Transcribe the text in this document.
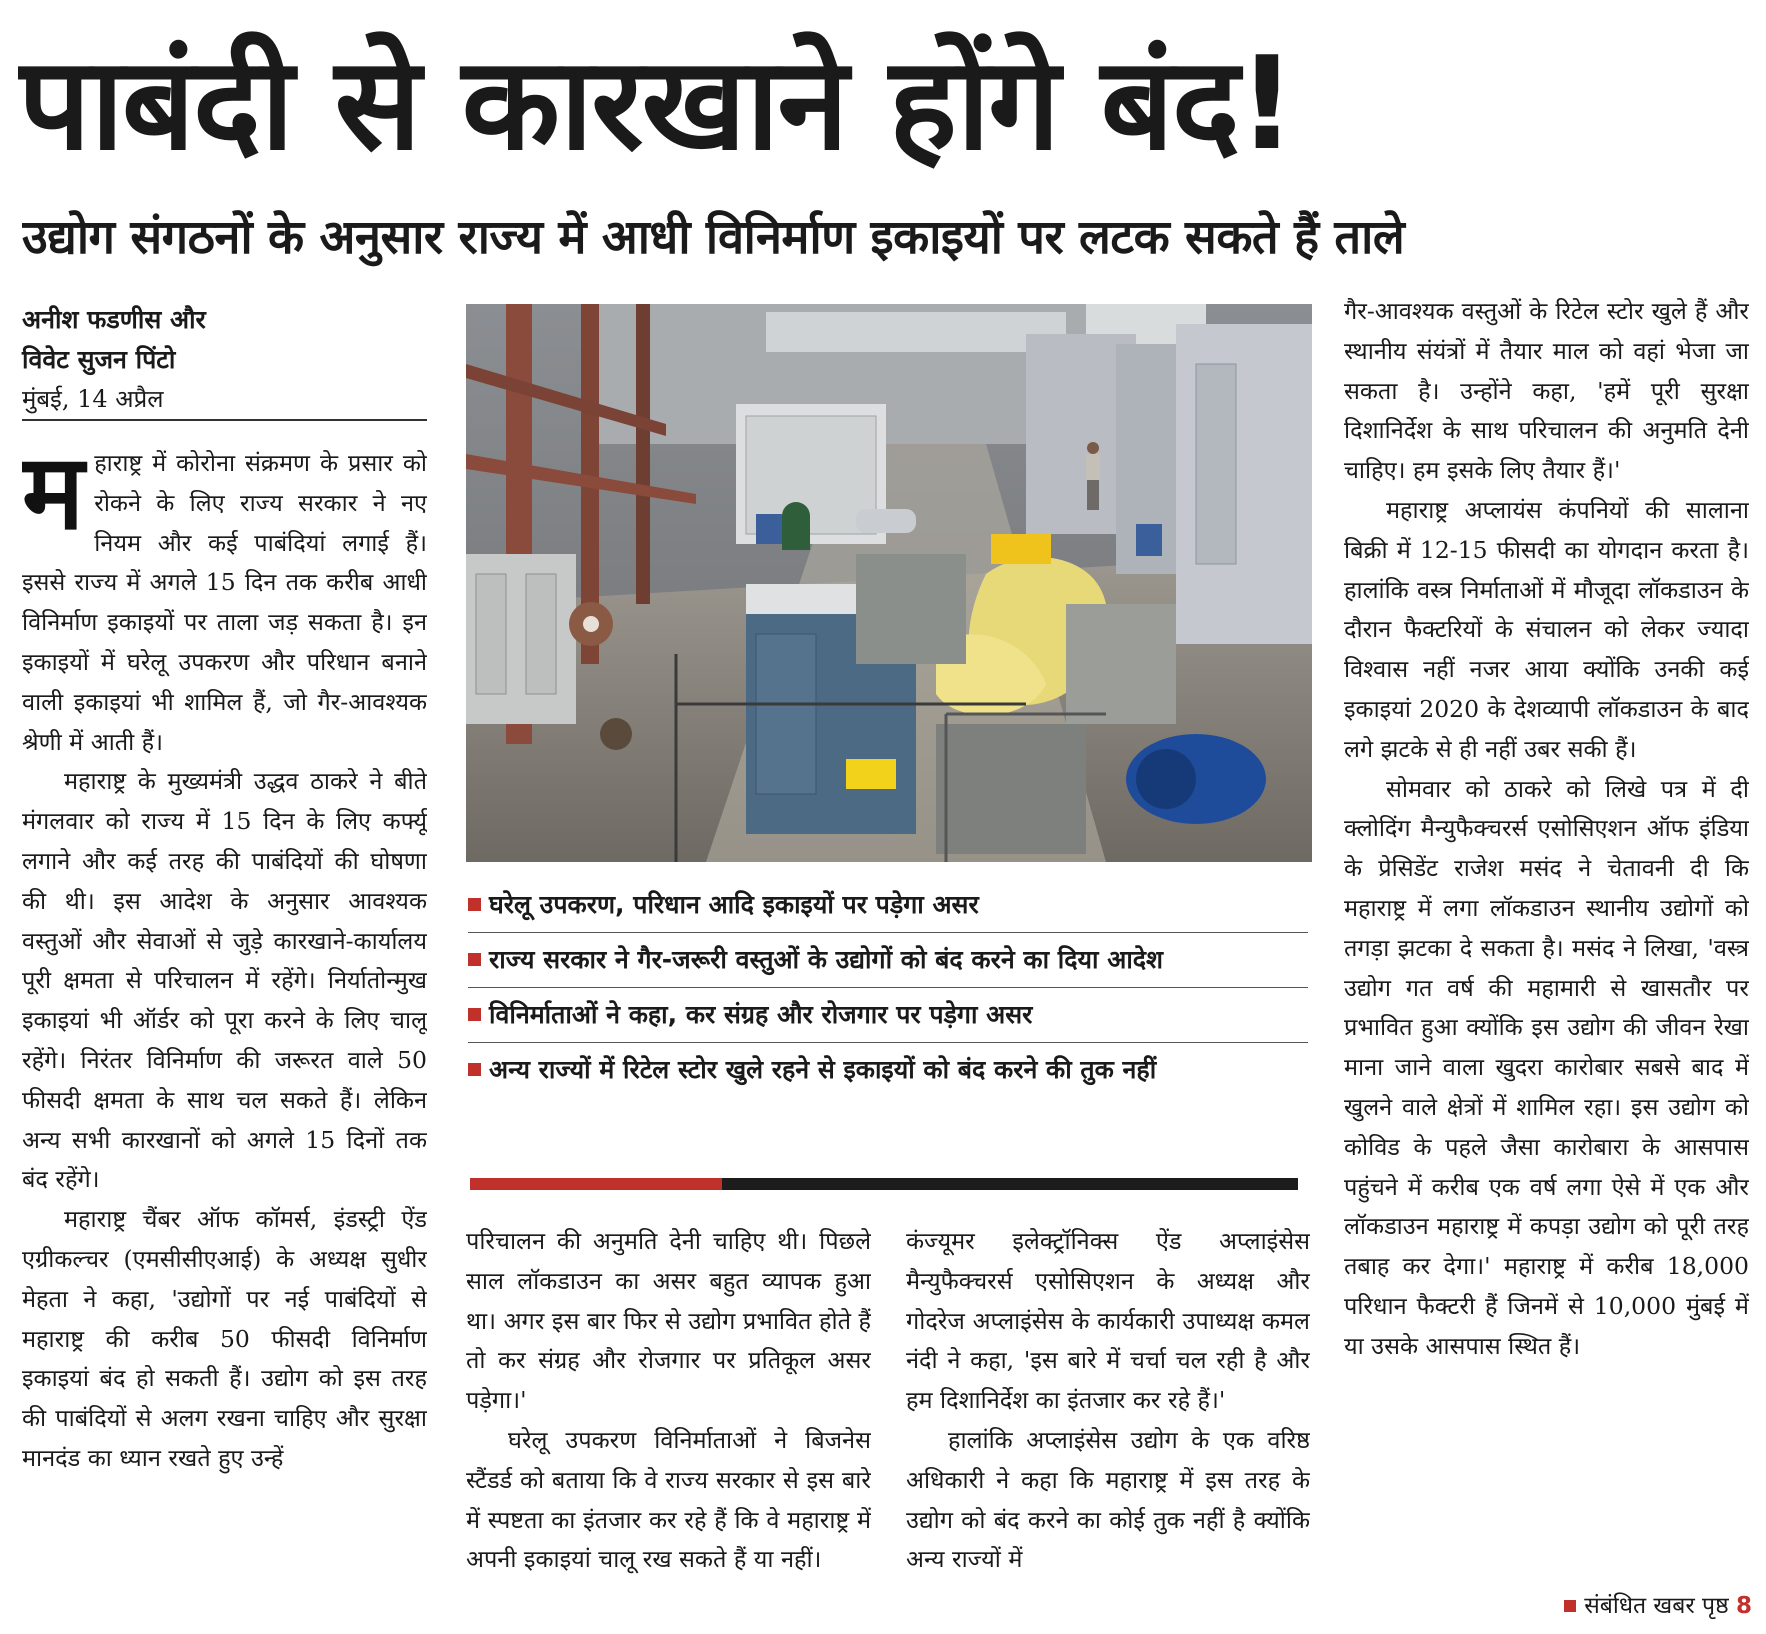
पाबंदी से कारखाने होंगे बंद!
उद्योग संगठनों के अनुसार राज्य में आधी विनिर्माण इकाइयों पर लटक सकते हैं ताले
अनीश फडणीस और
विवेट सुजन पिंटो
मुंबई, 14 अप्रैल

महाराष्ट्र में कोरोना संक्रमण के प्रसार को रोकने के लिए राज्य सरकार ने नए नियम और कई पाबंदियां लगाई हैं। इससे राज्य में अगले 15 दिन तक करीब आधी विनिर्माण इकाइयों पर ताला जड़ सकता है। इन इकाइयों में घरेलू उपकरण और परिधान बनाने वाली इकाइयां भी शामिल हैं, जो गैर-आवश्यक श्रेणी में आती हैं।

महाराष्ट्र के मुख्यमंत्री उद्धव ठाकरे ने बीते मंगलवार को राज्य में 15 दिन के लिए कर्फ्यू लगाने और कई तरह की पाबंदियों की घोषणा की थी। इस आदेश के अनुसार आवश्यक वस्तुओं और सेवाओं से जुड़े कारखाने-कार्यालय पूरी क्षमता से परिचालन में रहेंगे। निर्यातोन्मुख इकाइयां भी ऑर्डर को पूरा करने के लिए चालू रहेंगे। निरंतर विनिर्माण की जरूरत वाले 50 फीसदी क्षमता के साथ चल सकते हैं। लेकिन अन्य सभी कारखानों को अगले 15 दिनों तक बंद रहेंगे।

महाराष्ट्र चैंबर ऑफ कॉमर्स, इंडस्ट्री ऐंड एग्रीकल्चर (एमसीसीएआई) के अध्यक्ष सुधीर मेहता ने कहा, 'उद्योगों पर नई पाबंदियों से महाराष्ट्र की करीब 50 फीसदी विनिर्माण इकाइयां बंद हो सकती हैं। उद्योग को इस तरह की पाबंदियों से अलग रखना चाहिए और सुरक्षा मानदंड का ध्यान रखते हुए उन्हें

घरेलू उपकरण, परिधान आदि इकाइयों पर पड़ेगा असर
राज्य सरकार ने गैर-जरूरी वस्तुओं के उद्योगों को बंद करने का दिया आदेश
विनिर्माताओं ने कहा, कर संग्रह और रोजगार पर पड़ेगा असर
अन्य राज्यों में रिटेल स्टोर खुले रहने से इकाइयों को बंद करने की तुक नहीं

परिचालन की अनुमति देनी चाहिए थी। पिछले साल लॉकडाउन का असर बहुत व्यापक हुआ था। अगर इस बार फिर से उद्योग प्रभावित होते हैं तो कर संग्रह और रोजगार पर प्रतिकूल असर पड़ेगा।'

घरेलू उपकरण विनिर्माताओं ने बिजनेस स्टैंडर्ड को बताया कि वे राज्य सरकार से इस बारे में स्पष्टता का इंतजार कर रहे हैं कि वे महाराष्ट्र में अपनी इकाइयां चालू रख सकते हैं या नहीं।

कंज्यूमर इलेक्ट्रॉनिक्स ऐंड अप्लाइंसेस मैन्युफैक्चरर्स एसोसिएशन के अध्यक्ष और गोदरेज अप्लाइंसेस के कार्यकारी उपाध्यक्ष कमल नंदी ने कहा, 'इस बारे में चर्चा चल रही है और हम दिशानिर्देश का इंतजार कर रहे हैं।'

हालांकि अप्लाइंसेस उद्योग के एक वरिष्ठ अधिकारी ने कहा कि महाराष्ट्र में इस तरह के उद्योग को बंद करने का कोई तुक नहीं है क्योंकि अन्य राज्यों में

गैर-आवश्यक वस्तुओं के रिटेल स्टोर खुले हैं और स्थानीय संयंत्रों में तैयार माल को वहां भेजा जा सकता है। उन्होंने कहा, 'हमें पूरी सुरक्षा दिशानिर्देश के साथ परिचालन की अनुमति देनी चाहिए। हम इसके लिए तैयार हैं।'

महाराष्ट्र अप्लायंस कंपनियों की सालाना बिक्री में 12-15 फीसदी का योगदान करता है। हालांकि वस्त्र निर्माताओं में मौजूदा लॉकडाउन के दौरान फैक्टरियों के संचालन को लेकर ज्यादा विश्वास नहीं नजर आया क्योंकि उनकी कई इकाइयां 2020 के देशव्यापी लॉकडाउन के बाद लगे झटके से ही नहीं उबर सकी हैं।

सोमवार को ठाकरे को लिखे पत्र में दी क्लोदिंग मैन्युफैक्चरर्स एसोसिएशन ऑफ इंडिया के प्रेसिडेंट राजेश मसंद ने चेतावनी दी कि महाराष्ट्र में लगा लॉकडाउन स्थानीय उद्योगों को तगड़ा झटका दे सकता है। मसंद ने लिखा, 'वस्त्र उद्योग गत वर्ष की महामारी से खासतौर पर प्रभावित हुआ क्योंकि इस उद्योग की जीवन रेखा माना जाने वाला खुदरा कारोबार सबसे बाद में खुलने वाले क्षेत्रों में शामिल रहा। इस उद्योग को कोविड के पहले जैसा कारोबारा के आसपास पहुंचने में करीब एक वर्ष लगा ऐसे में एक और लॉकडाउन महाराष्ट्र में कपड़ा उद्योग को पूरी तरह तबाह कर देगा।' महाराष्ट्र में करीब 18,000 परिधान फैक्टरी हैं जिनमें से 10,000 मुंबई में या उसके आसपास स्थित हैं।

संबंधित खबर पृष्ठ 8
